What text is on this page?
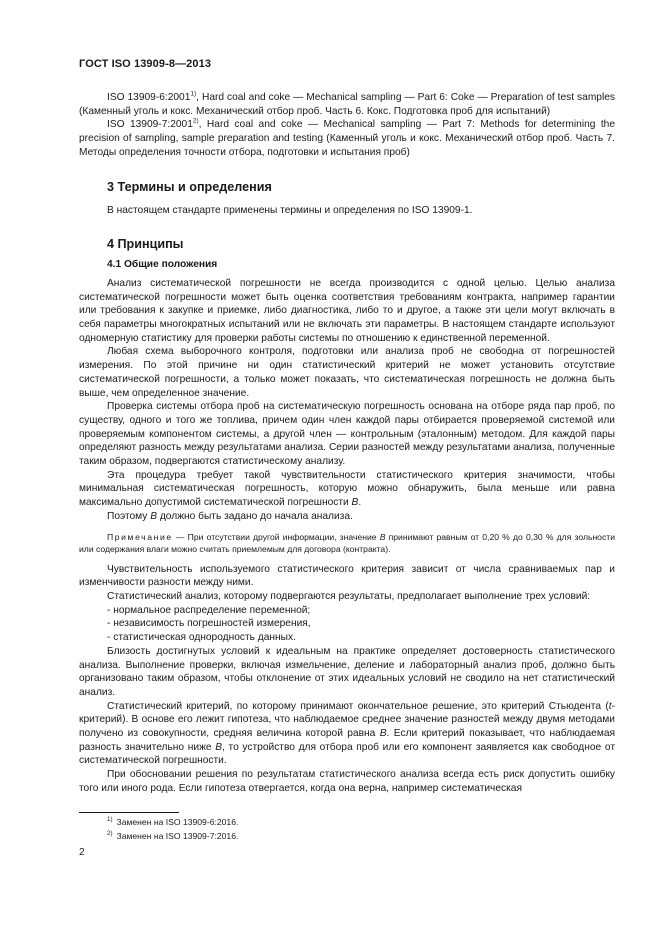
ГОСТ ISO 13909-8—2013

ISO 13909-6:2001$^{1)}$, Hard coal and coke — Mechanical sampling — Part 6: Coke — Preparation of test samples (Каменный уголь и кокс. Механический отбор проб. Часть 6. Кокс. Подготовка проб для испытаний)

ISO 13909-7:2001$^{2)}$, Hard coal and coke — Mechanical sampling — Part 7: Methods for determining the precision of sampling, sample preparation and testing (Каменный уголь и кокс. Механический отбор проб. Часть 7. Методы определения точности отбора, подготовки и испытания проб)

3 Термины и определения

В настоящем стандарте применены термины и определения по ISO 13909-1.

4 Принципы
4.1 Общие положения

Анализ систематической погрешности не всегда производится с одной целью. Целью анализа систематической погрешности может быть оценка соответствия требованиям контракта, например гарантии или требования к закупке и приемке, либо диагностика, либо то и другое, а также эти цели могут включать в себя параметры многократных испытаний или не включать эти параметры. В настоящем стандарте используют одномерную статистику для проверки работы системы по отношению к единственной переменной.

Любая схема выборочного контроля, подготовки или анализа проб не свободна от погрешностей измерения. По этой причине ни один статистический критерий не может установить отсутствие систематической погрешности, а только может показать, что систематическая погрешность не должна быть выше, чем определенное значение.

Проверка системы отбора проб на систематическую погрешность основана на отборе ряда пар проб, по существу, одного и того же топлива, причем один член каждой пары отбирается проверяемой системой или проверяемым компонентом системы, а другой член — контрольным (эталонным) методом. Для каждой пары определяют разность между результатами анализа. Серии разностей между результатами анализа, полученные таким образом, подвергаются статистическому анализу.

Эта процедура требует такой чувствительности статистического критерия значимости, чтобы минимальная систематическая погрешность, которую можно обнаружить, была меньше или равна максимально допустимой систематической погрешности B.

Поэтому B должно быть задано до начала анализа.

Примечание — При отсутствии другой информации, значение B принимают равным от 0,20 % до 0,30 % для зольности или содержания влаги можно считать приемлемым для договора (контракта).

Чувствительность используемого статистического критерия зависит от числа сравниваемых пар и изменчивости разности между ними.

Статистический анализ, которому подвергаются результаты, предполагает выполнение трех условий:

- нормальное распределение переменной;
- независимость погрешностей измерения,
- статистическая однородность данных.

Близость достигнутых условий к идеальным на практике определяет достоверность статистического анализа. Выполнение проверки, включая измельчение, деление и лабораторный анализ проб, должно быть организовано таким образом, чтобы отклонение от этих идеальных условий не сводило на нет статистический анализ.

Статистический критерий, по которому принимают окончательное решение, это критерий Стьюдента (t-критерий). В основе его лежит гипотеза, что наблюдаемое среднее значение разностей между двумя методами получено из совокупности, средняя величина которой равна B. Если критерий показывает, что наблюдаемая разность значительно ниже B, то устройство для отбора проб или его компонент заявляется как свободное от систематической погрешности.

При обосновании решения по результатам статистического анализа всегда есть риск допустить ошибку того или иного рода. Если гипотеза отвергается, когда она верна, например систематическая

$^{1)}$ Заменен на ISO 13909-6:2016.
$^{2)}$ Заменен на ISO 13909-7:2016.
2
